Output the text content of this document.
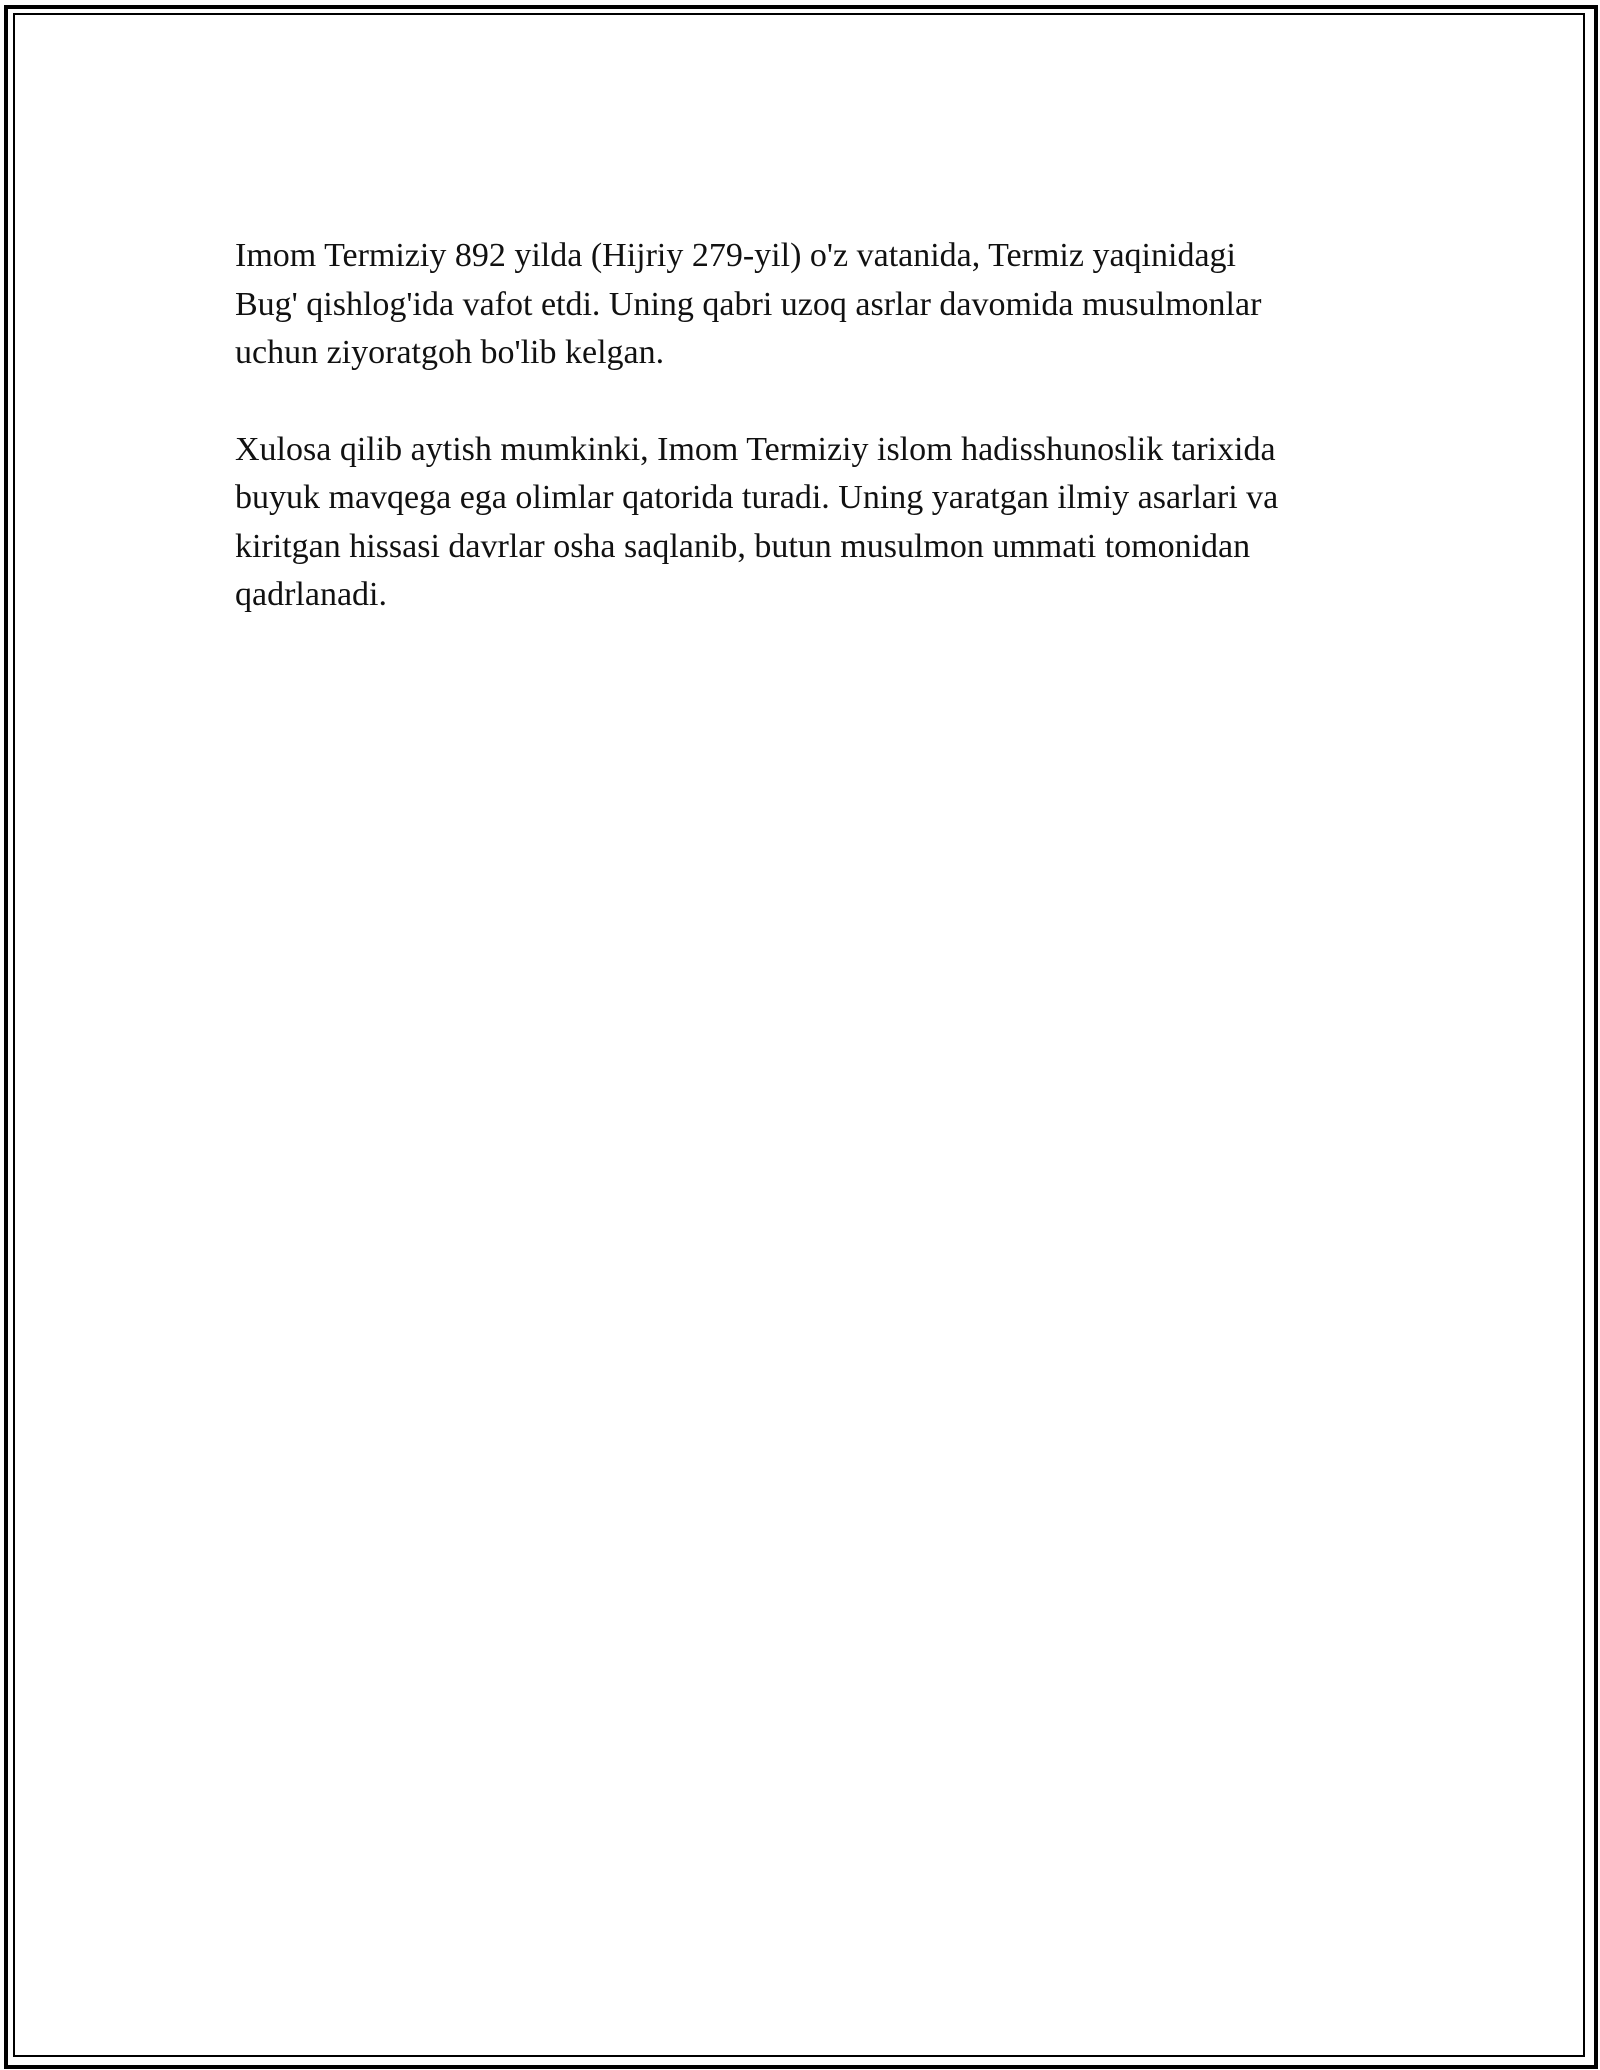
Imom Termiziy 892 yilda (Hijriy 279-yil) o'z vatanida, Termiz yaqinidagi
Bug' qishlog'ida vafot etdi. Uning qabri uzoq asrlar davomida musulmonlar
uchun ziyoratgoh bo'lib kelgan.

Xulosa qilib aytish mumkinki, Imom Termiziy islom hadisshunoslik tarixida
buyuk mavqega ega olimlar qatorida turadi. Uning yaratgan ilmiy asarlari va
kiritgan hissasi davrlar osha saqlanib, butun musulmon ummati tomonidan
qadrlanadi.
